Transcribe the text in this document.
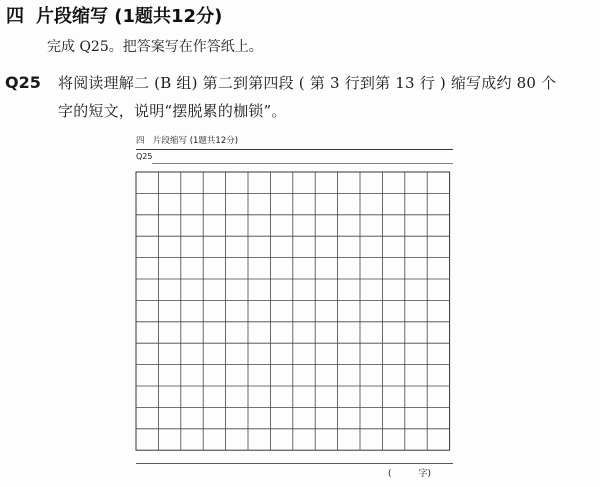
四 片段缩写 (1题共12分)
完成 Q25。把答案写在作答纸上。
Q25 将阅读理解二 (B 组) 第二到第四段 ( 第 3 行到第 13 行 ) 缩写成约 80 个
字的短文，说明“摆脱累的枷锁”。
四　片段缩写 (1题共12分)
Q25
(　　　字)
